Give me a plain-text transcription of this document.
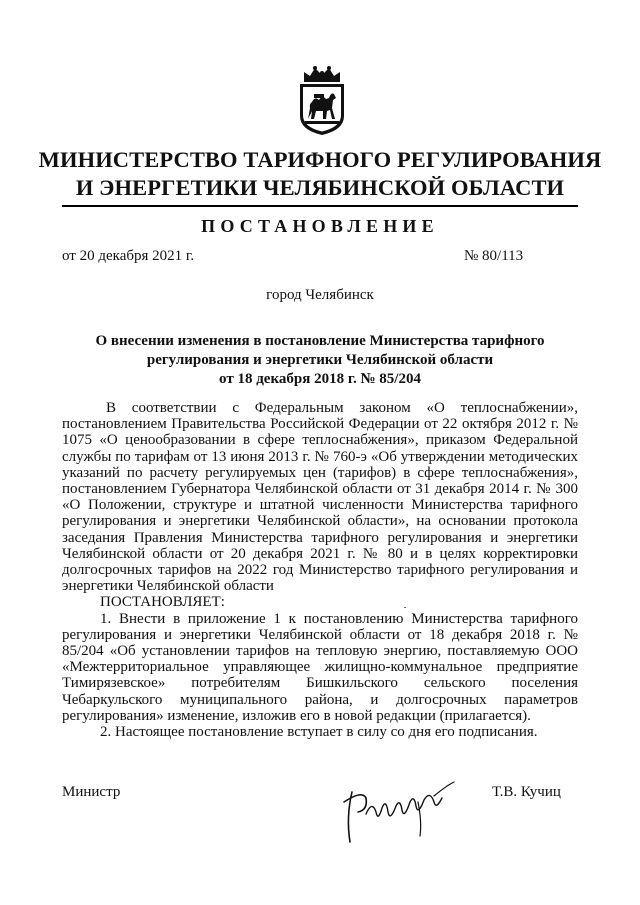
МИНИСТЕРСТВО ТАРИФНОГО РЕГУЛИРОВАНИЯ
И ЭНЕРГЕТИКИ ЧЕЛЯБИНСКОЙ ОБЛАСТИ
ПОСТАНОВЛЕНИЕ
от 20 декабря 2021 г.	№ 80/113
город Челябинск
О внесении изменения в постановление Министерства тарифного
регулирования и энергетики Челябинской области
от 18 декабря 2018 г. № 85/204

В соответствии с Федеральным законом «О теплоснабжении», постановлением Правительства Российской Федерации от 22 октября 2012 г. № 1075 «О ценообразовании в сфере теплоснабжения», приказом Федеральной службы по тарифам от 13 июня 2013 г. № 760-э «Об утверждении методических указаний по расчету регулируемых цен (тарифов) в сфере теплоснабжения», постановлением Губернатора Челябинской области от 31 декабря 2014 г. № 300 «О Положении, структуре и штатной численности Министерства тарифного регулирования и энергетики Челябинской области», на основании протокола заседания Правления Министерства тарифного регулирования и энергетики Челябинской области от 20 декабря 2021 г. № 80 и в целях корректировки долгосрочных тарифов на 2022 год Министерство тарифного регулирования и энергетики Челябинской области

ПОСТАНОВЛЯЕТ:

1. Внести в приложение 1 к постановлению Министерства тарифного регулирования и энергетики Челябинской области от 18 декабря 2018 г. № 85/204 «Об установлении тарифов на тепловую энергию, поставляемую ООО «Межтерриториальное управляющее жилищно-коммунальное предприятие Тимирязевское» потребителям Бишкильского сельского поселения Чебаркульского муниципального района, и долгосрочных параметров регулирования» изменение, изложив его в новой редакции (прилагается).

2. Настоящее постановление вступает в силу со дня его подписания.

Министр	Т.В. Кучиц
